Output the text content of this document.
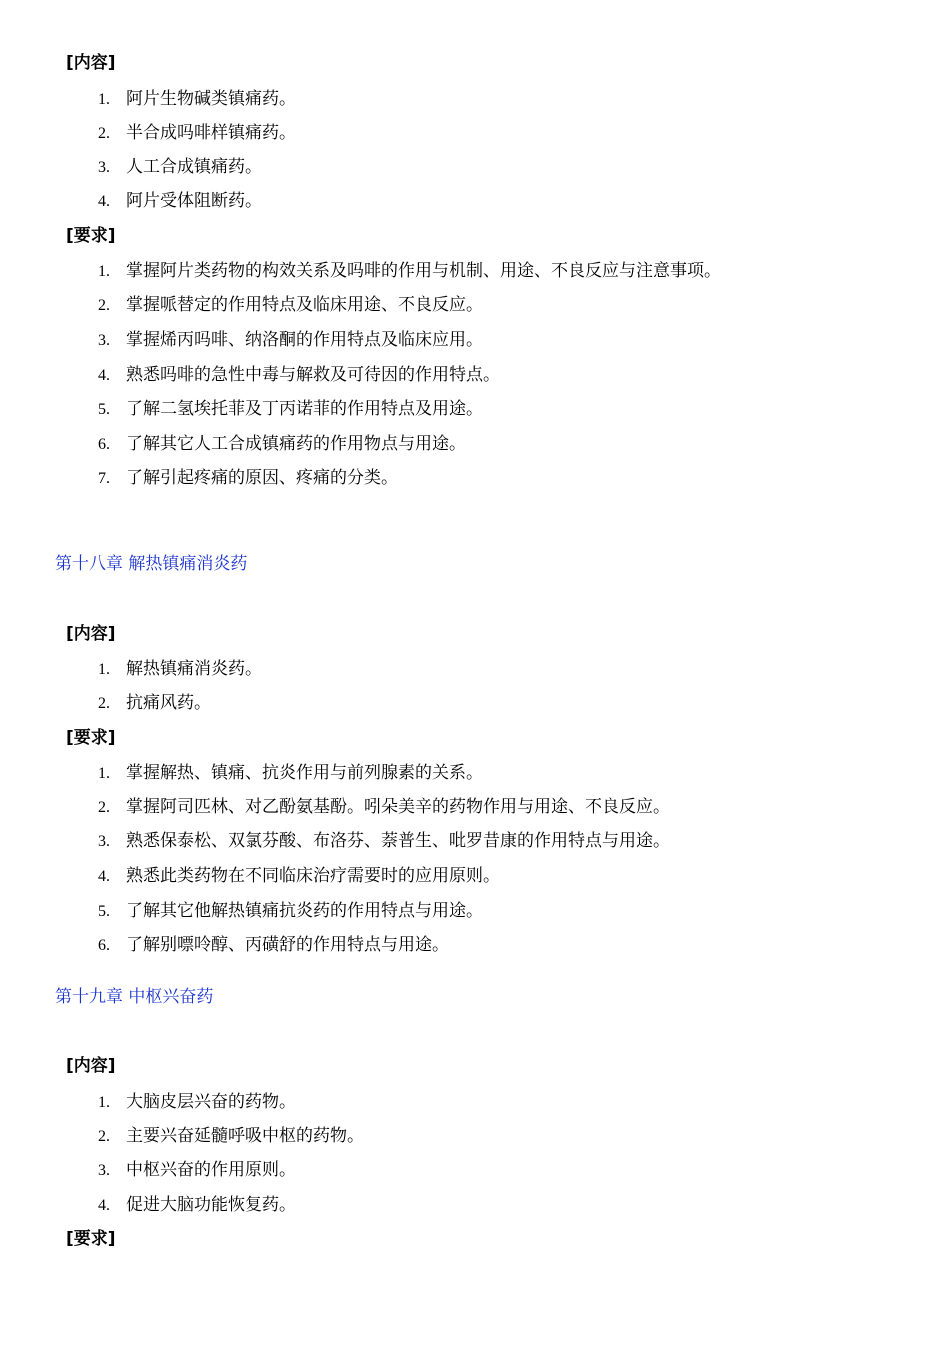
[内容]
1. 阿片生物碱类镇痛药。
2. 半合成吗啡样镇痛药。
3. 人工合成镇痛药。
4. 阿片受体阻断药。
[要求]
1. 掌握阿片类药物的构效关系及吗啡的作用与机制、用途、不良反应与注意事项。
2. 掌握哌替定的作用特点及临床用途、不良反应。
3. 掌握烯丙吗啡、纳洛酮的作用特点及临床应用。
4. 熟悉吗啡的急性中毒与解救及可待因的作用特点。
5. 了解二氢埃托菲及丁丙诺菲的作用特点及用途。
6. 了解其它人工合成镇痛药的作用物点与用途。
7. 了解引起疼痛的原因、疼痛的分类。
第十八章 解热镇痛消炎药
[内容]
1. 解热镇痛消炎药。
2. 抗痛风药。
[要求]
1. 掌握解热、镇痛、抗炎作用与前列腺素的关系。
2. 掌握阿司匹林、对乙酚氨基酚。吲朵美辛的药物作用与用途、不良反应。
3. 熟悉保泰松、双氯芬酸、布洛芬、萘普生、吡罗昔康的作用特点与用途。
4. 熟悉此类药物在不同临床治疗需要时的应用原则。
5. 了解其它他解热镇痛抗炎药的作用特点与用途。
6. 了解别嘌呤醇、丙磺舒的作用特点与用途。
第十九章 中枢兴奋药
[内容]
1. 大脑皮层兴奋的药物。
2. 主要兴奋延髓呼吸中枢的药物。
3. 中枢兴奋的作用原则。
4. 促进大脑功能恢复药。
[要求]
